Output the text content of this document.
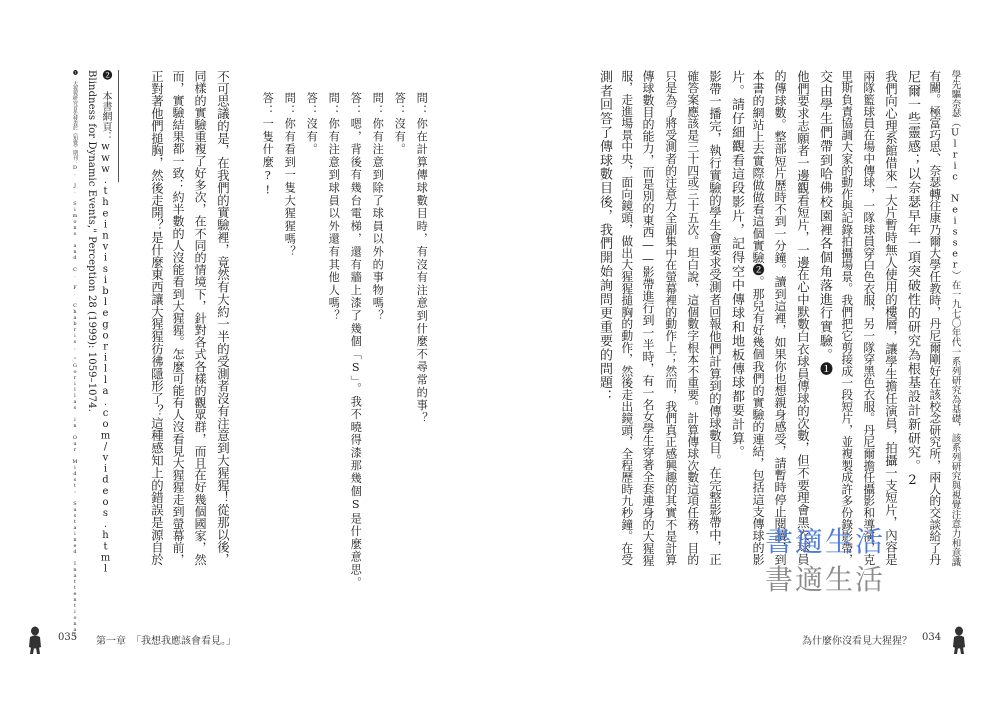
❶ 大猩猩研究首先發表於《知覺》期刊：D. J. Simons and C. F. Chabris, "Gorillas in Our Midst: Sustained Inattentional Blindness for Dynamic Events," Perception 28 (1999): 1059–1074. ❷ 本書網頁：www.theinvisiblegorilla.com/videos.html	正對著他們搥胸，然後走開？是什麼東西讓大猩猩彷彿隱形了？這種感知上的錯誤是源自於 而，實驗結果都一致：約半數的人沒能看到大猩猩。怎麼可能有人沒看見大猩猩走到螢幕前， 同樣的實驗重複了好多次，在不同的情境下，針對各式各樣的觀眾群，而且在好幾個國家，然 不可思議的是，在我們的實驗裡，竟然有大約一半的受測者沒有注意到大猩猩！從那以後，	答：一隻什麼?! 問：你有看到一隻大猩猩嗎？ 答：沒有。 問：你有注意到球員以外還有其他人嗎？ 答：嗯，背後有幾台電梯，還有牆上漆了幾個「S」。我不曉得漆那幾個S是什麼意思。 問：你有注意到除了球員以外的事物嗎？ 答：沒有。 問：你在計算傳球數目時，有沒有注意到什麼不尋常的事？
035 第一章　「我想我應該會看見。」
測者回答了傳球數目後，我們開始詢問更重要的問題： 服，走進場景中央，面向鏡頭，做出大猩猩搥胸的動作，然後走出鏡頭，全程歷時九秒鐘。在受 傳球數目的能力，而是別的東西——影帶進行到一半時，有一名女學生穿著全套連身的大猩猩 只是為了將受測者的注意力全副集中在螢幕裡的動作上；然而，我們真正感興趣的其實不是計算 確答案應該是三十四或三十五次。坦白說，這個數字根本不重要。計算傳球次數這項任務，目的 影帶一播完，執行實驗的學生會要求受測者回報他們計算到的傳球數目。在完整影帶中，正 片。請仔細觀看這段影片，記得空中傳球和地板傳球都要計算。 本書的網站上去實際做做看這個實驗❷。那兒有好幾個我們的實驗的連結，包括這支傳球的影 的傳球數。整部短片歷時不到一分鐘。讀到這裡，如果你也想親身感受，請暫時停止閱讀，到 他們要求志願者一邊觀看短片，一邊在心中默數白衣球員傳球的次數，但不要理會黑衣球員 交由學生們帶到哈佛校園裡各個角落進行實驗。❶ 里斯負責協調大家的動作與記錄拍攝場景。我們把它剪接成一段短片，並複製成許多份錄影帶， 兩隊籃球員在場中傳球，一隊球員穿白色衣服，另一隊穿黑色衣服。丹尼爾擔任攝影和導演，克 我們向心理系館借來一大片暫時無人使用的樓層，讓學生擔任演員，拍攝一支短片，內容是 尼爾一些靈感；以奈瑟早年一項突破性的研究為根基設計新研究。2 有關。極富巧思、奈瑟轉往康乃爾大學任教時，丹尼爾剛好在該校念研究所，兩人的交談給了丹 學先驅奈瑟（Ulric Neisser）在一九七〇年代一系列研究為基礎，該系列研究與視覺注意力和意識
為什麼你沒看見大猩猩？ 034
書適生活
書適生活
